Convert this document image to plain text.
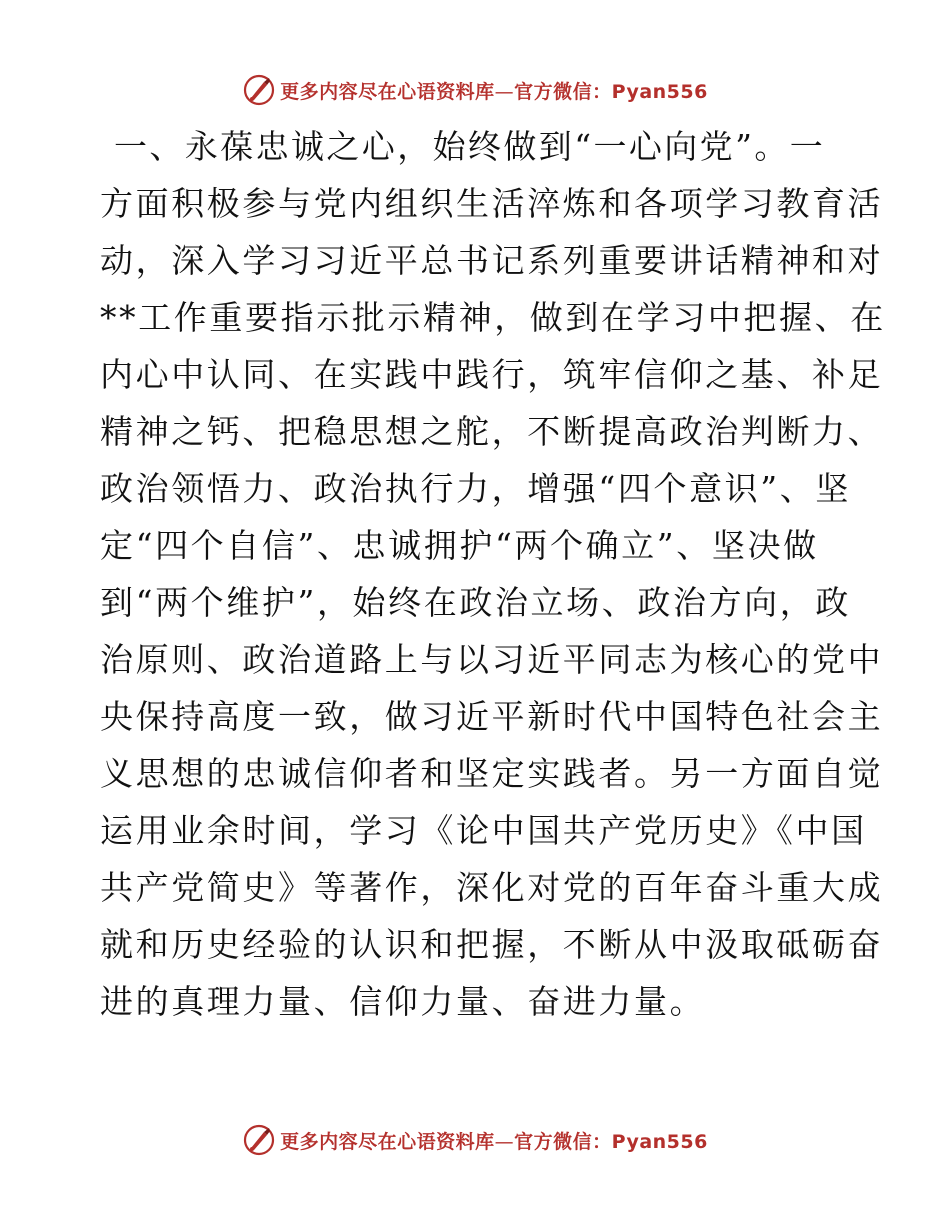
更多内容尽在心语资料库—官方微信：Pyan556
一、永葆忠诚之心，始终做到“一心向党”。一
方面积极参与党内组织生活淬炼和各项学习教育活
动，深入学习习近平总书记系列重要讲话精神和对
**工作重要指示批示精神，做到在学习中把握、在
内心中认同、在实践中践行，筑牢信仰之基、补足
精神之钙、把稳思想之舵，不断提高政治判断力、
政治领悟力、政治执行力，增强“四个意识”、坚
定“四个自信”、忠诚拥护“两个确立”、坚决做
到“两个维护”，始终在政治立场、政治方向，政
治原则、政治道路上与以习近平同志为核心的党中
央保持高度一致，做习近平新时代中国特色社会主
义思想的忠诚信仰者和坚定实践者。另一方面自觉
运用业余时间，学习《论中国共产党历史》《中国
共产党简史》等著作，深化对党的百年奋斗重大成
就和历史经验的认识和把握，不断从中汲取砥砺奋
进的真理力量、信仰力量、奋进力量。
更多内容尽在心语资料库—官方微信：Pyan556
